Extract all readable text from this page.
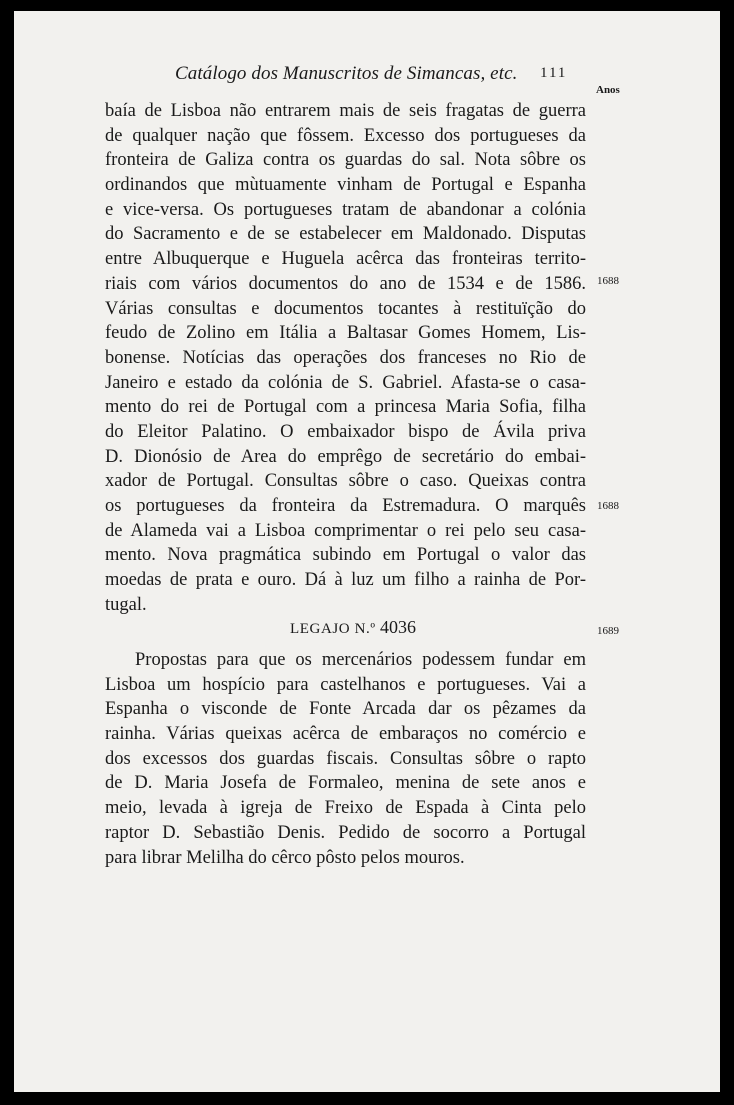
Catálogo dos Manuscritos de Simancas, etc. 111
Anos
baía de Lisboa não entrarem mais de seis fragatas de guerra
de qualquer nação que fôssem. Excesso dos portugueses da
fronteira de Galiza contra os guardas do sal. Nota sôbre os
ordinandos que mùtuamente vinham de Portugal e Espanha
e vice-versa. Os portugueses tratam de abandonar a colónia
do Sacramento e de se estabelecer em Maldonado. Disputas
entre Albuquerque e Huguela acêrca das fronteiras territo-
riais com vários documentos do ano de 1534 e de 1586.
Várias consultas e documentos tocantes à restituïção do
feudo de Zolino em Itália a Baltasar Gomes Homem, Lis-
bonense. Notícias das operações dos franceses no Rio de
Janeiro e estado da colónia de S. Gabriel. Afasta-se o casa-
mento do rei de Portugal com a princesa Maria Sofia, filha
do Eleitor Palatino. O embaixador bispo de Ávila priva
D. Dionósio de Area do emprêgo de secretário do embai-
xador de Portugal. Consultas sôbre o caso. Queixas contra
os portugueses da fronteira da Estremadura. O marquês
de Alameda vai a Lisboa comprimentar o rei pelo seu casa-
mento. Nova pragmática subindo em Portugal o valor das
moedas de prata e ouro. Dá à luz um filho a rainha de Por-
tugal.
LEGAJO N.º 4036
Propostas para que os mercenários podessem fundar em
Lisboa um hospício para castelhanos e portugueses. Vai a
Espanha o visconde de Fonte Arcada dar os pêzames da
rainha. Várias queixas acêrca de embaraços no comércio e
dos excessos dos guardas fiscais. Consultas sôbre o rapto
de D. Maria Josefa de Formaleo, menina de sete anos e
meio, levada à igreja de Freixo de Espada à Cinta pelo
raptor D. Sebastião Denis. Pedido de socorro a Portugal
para librar Melilha do cêrco pôsto pelos mouros.
1688
1688
1689
